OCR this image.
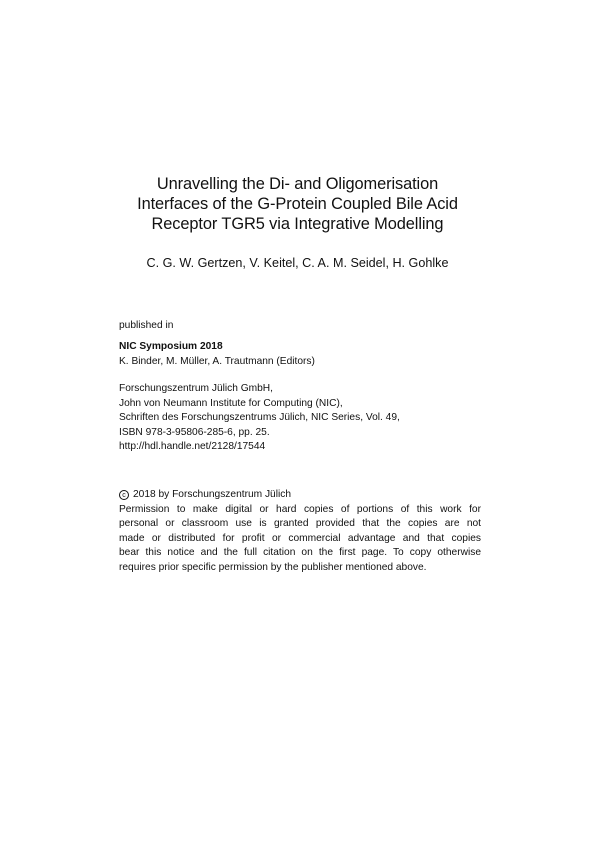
Unravelling the Di- and Oligomerisation
Interfaces of the G-Protein Coupled Bile Acid
Receptor TGR5 via Integrative Modelling
C. G. W. Gertzen, V. Keitel, C. A. M. Seidel, H. Gohlke
published in
NIC Symposium 2018
K. Binder, M. Müller, A. Trautmann (Editors)
Forschungszentrum Jülich GmbH,
John von Neumann Institute for Computing (NIC),
Schriften des Forschungszentrums Jülich, NIC Series, Vol. 49,
ISBN 978-3-95806-285-6, pp. 25.
http://hdl.handle.net/2128/17544
c 2018 by Forschungszentrum Jülich
Permission to make digital or hard copies of portions of this work for
personal or classroom use is granted provided that the copies are not
made or distributed for profit or commercial advantage and that copies
bear this notice and the full citation on the first page. To copy otherwise
requires prior specific permission by the publisher mentioned above.
